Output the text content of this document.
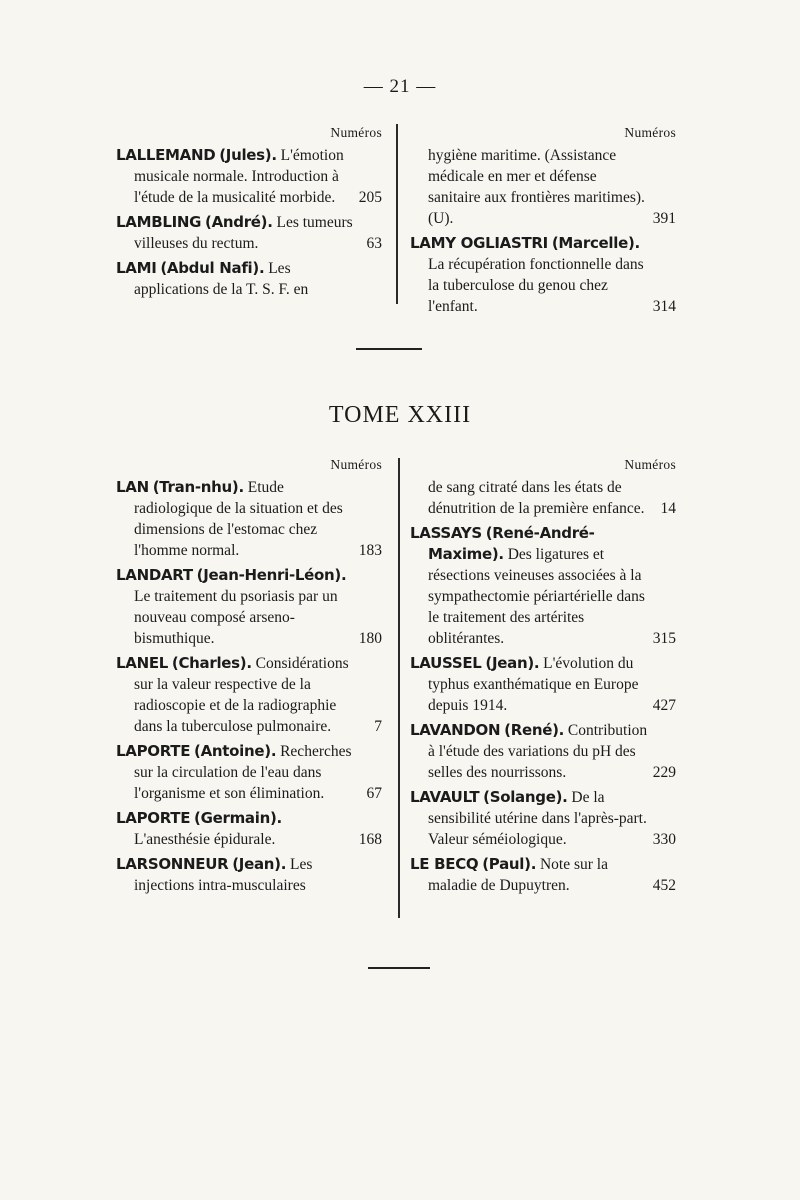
— 21 —
Numéros
LALLEMAND (Jules). L'émotion musicale normale. Introduction à l'étude de la musicalité morbide. 205
LAMBLING (André). Les tumeurs villeuses du rectum.	63
LAMI (Abdul Nafi). Les applications de la T. S. F. en
Numéros
hygiène maritime. (Assistance médicale en mer et défense sanitaire aux frontières maritimes). (U).	391
LAMY OGLIASTRI (Marcelle). La récupération fonctionnelle dans la tuberculose du genou chez l'enfant.	314
TOME XXIII
Numéros
LAN (Tran-nhu). Etude radiologique de la situation et des dimensions de l'estomac chez l'homme normal.	183
LANDART (Jean-Henri-Léon). Le traitement du psoriasis par un nouveau composé arseno-bismuthique.	180
LANEL (Charles). Considérations sur la valeur respective de la radioscopie et de la radiographie dans la tuberculose pulmonaire.	7
LAPORTE (Antoine). Recherches sur la circulation de l'eau dans l'organisme et son élimination.	67
LAPORTE (Germain). L'anesthésie épidurale.	168
LARSONNEUR (Jean). Les injections intra-musculaires
Numéros
de sang citraté dans les états de dénutrition de la première enfance. 14
LASSAYS (René-André-Maxime). Des ligatures et résections veineuses associées à la sympathectomie périartérielle dans le traitement des artérites oblitérantes.	315
LAUSSEL (Jean). L'évolution du typhus exanthématique en Europe depuis 1914.	427
LAVANDON (René). Contribution à l'étude des variations du pH des selles des nourrissons.	229
LAVAULT (Solange). De la sensibilité utérine dans l'après-part. Valeur séméiologique.	330
LE BECQ (Paul). Note sur la maladie de Dupuytren.	452
